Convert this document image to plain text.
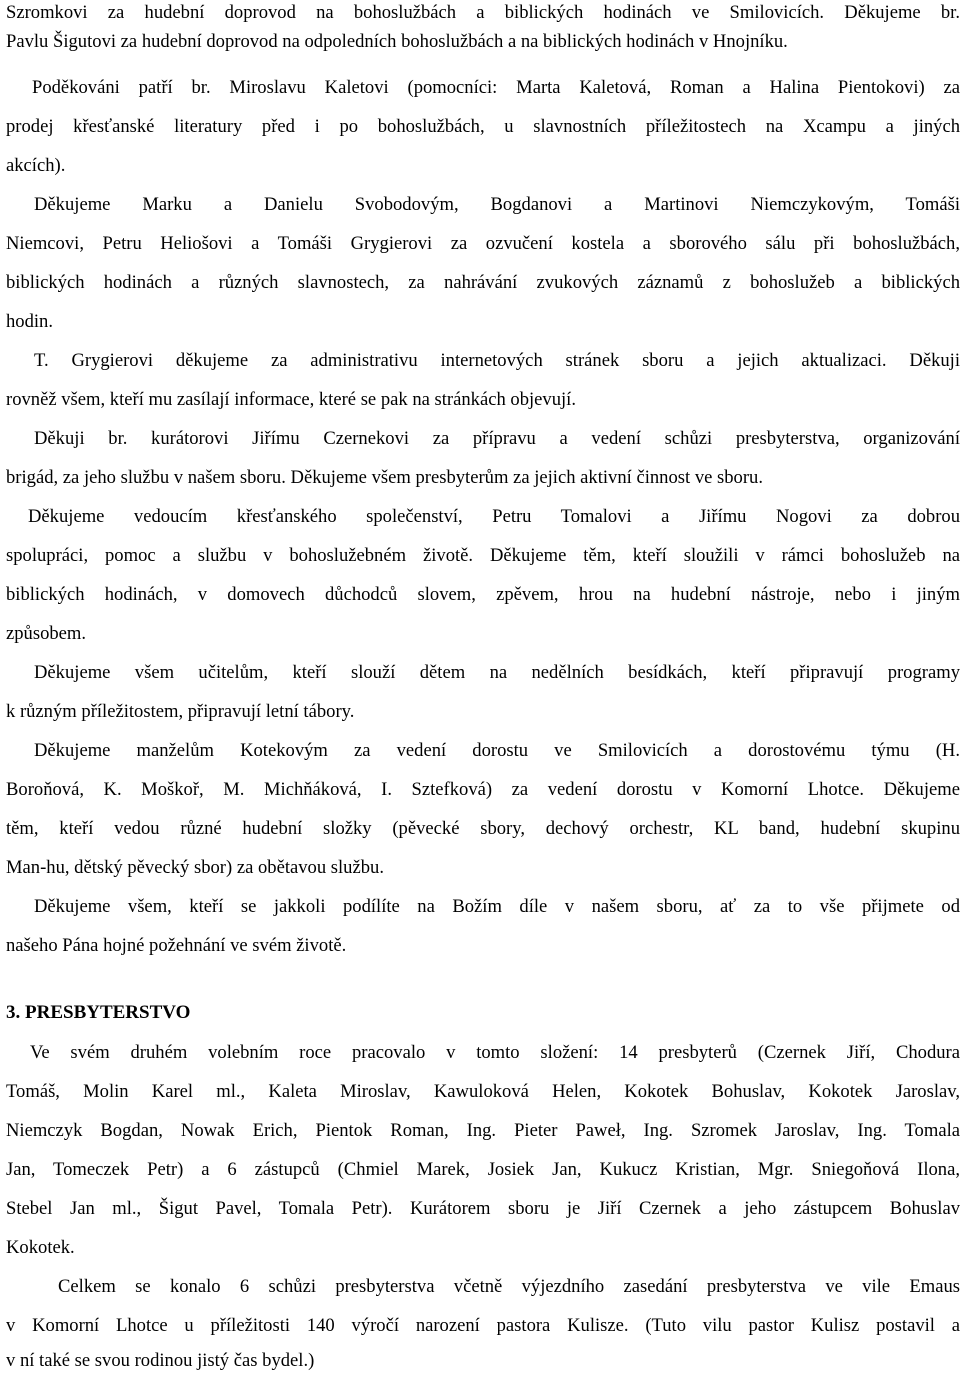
Szromkovi za hudební doprovod na bohoslužbách a biblických hodinách ve Smilovicích. Děkujeme br.
Pavlu Šigutovi za hudební doprovod na odpoledních bohoslužbách a na biblických hodinách v Hnojníku.
Poděkováni patří br. Miroslavu Kaletovi (pomocníci: Marta Kaletová, Roman a Halina Pientokovi) za
prodej křesťanské literatury před i po bohoslužbách, u slavnostních příležitostech na Xcampu a jiných
akcích).
Děkujeme Marku a Danielu Svobodovým, Bogdanovi a Martinovi Niemczykovým, Tomáši
Niemcovi, Petru Heliošovi a Tomáši Grygierovi za ozvučení kostela a sborového sálu při bohoslužbách,
biblických hodinách a různých slavnostech, za nahrávání zvukových záznamů z bohoslužeb a biblických
hodin.
T. Grygierovi děkujeme za administrativu internetových stránek sboru a jejich aktualizaci. Děkuji
rovněž všem, kteří mu zasílají informace, které se pak na stránkách objevují.
Děkuji br. kurátorovi Jiřímu Czernekovi za přípravu a vedení schůzi presbyterstva, organizování
brigád, za jeho službu v našem sboru. Děkujeme všem presbyterům za jejich aktivní činnost ve sboru.
Děkujeme vedoucím křesťanského společenství, Petru Tomalovi a Jiřímu Nogovi za dobrou
spolupráci, pomoc a službu v bohoslužebném životě. Děkujeme těm, kteří sloužili v rámci bohoslužeb na
biblických hodinách, v domovech důchodců slovem, zpěvem, hrou na hudební nástroje, nebo i jiným
způsobem.
Děkujeme všem učitelům, kteří slouží dětem na nedělních besídkách, kteří připravují programy
k různým příležitostem, připravují letní tábory.
Děkujeme manželům Kotekovým za vedení dorostu ve Smilovicích a dorostovému týmu (H.
Boroňová, K. Moškoř, M. Michňáková, I. Sztefková) za vedení dorostu v Komorní Lhotce. Děkujeme
těm, kteří vedou různé hudební složky (pěvecké sbory, dechový orchestr, KL band, hudební skupinu
Man-hu, dětský pěvecký sbor) za obětavou službu.
Děkujeme všem, kteří se jakkoli podílíte na Božím díle v našem sboru, ať za to vše přijmete od
našeho Pána hojné požehnání ve svém životě.
3. PRESBYTERSTVO
Ve svém druhém volebním roce pracovalo v tomto složení: 14 presbyterů (Czernek Jiří, Chodura
Tomáš, Molin Karel ml., Kaleta Miroslav, Kawuloková Helen, Kokotek Bohuslav, Kokotek Jaroslav,
Niemczyk Bogdan, Nowak Erich, Pientok Roman, Ing. Pieter Paweł, Ing. Szromek Jaroslav, Ing. Tomala
Jan, Tomeczek Petr) a 6 zástupců (Chmiel Marek, Josiek Jan, Kukucz Kristian, Mgr. Sniegoňová Ilona,
Stebel Jan ml., Šigut Pavel, Tomala Petr). Kurátorem sboru je Jiří Czernek a jeho zástupcem Bohuslav
Kokotek.
Celkem se konalo 6 schůzi presbyterstva včetně výjezdního zasedání presbyterstva ve vile Emaus
v Komorní Lhotce u příležitosti 140 výročí narození pastora Kulisze. (Tuto vilu pastor Kulisz postavil a
v ní také se svou rodinou jistý čas bydel.)
